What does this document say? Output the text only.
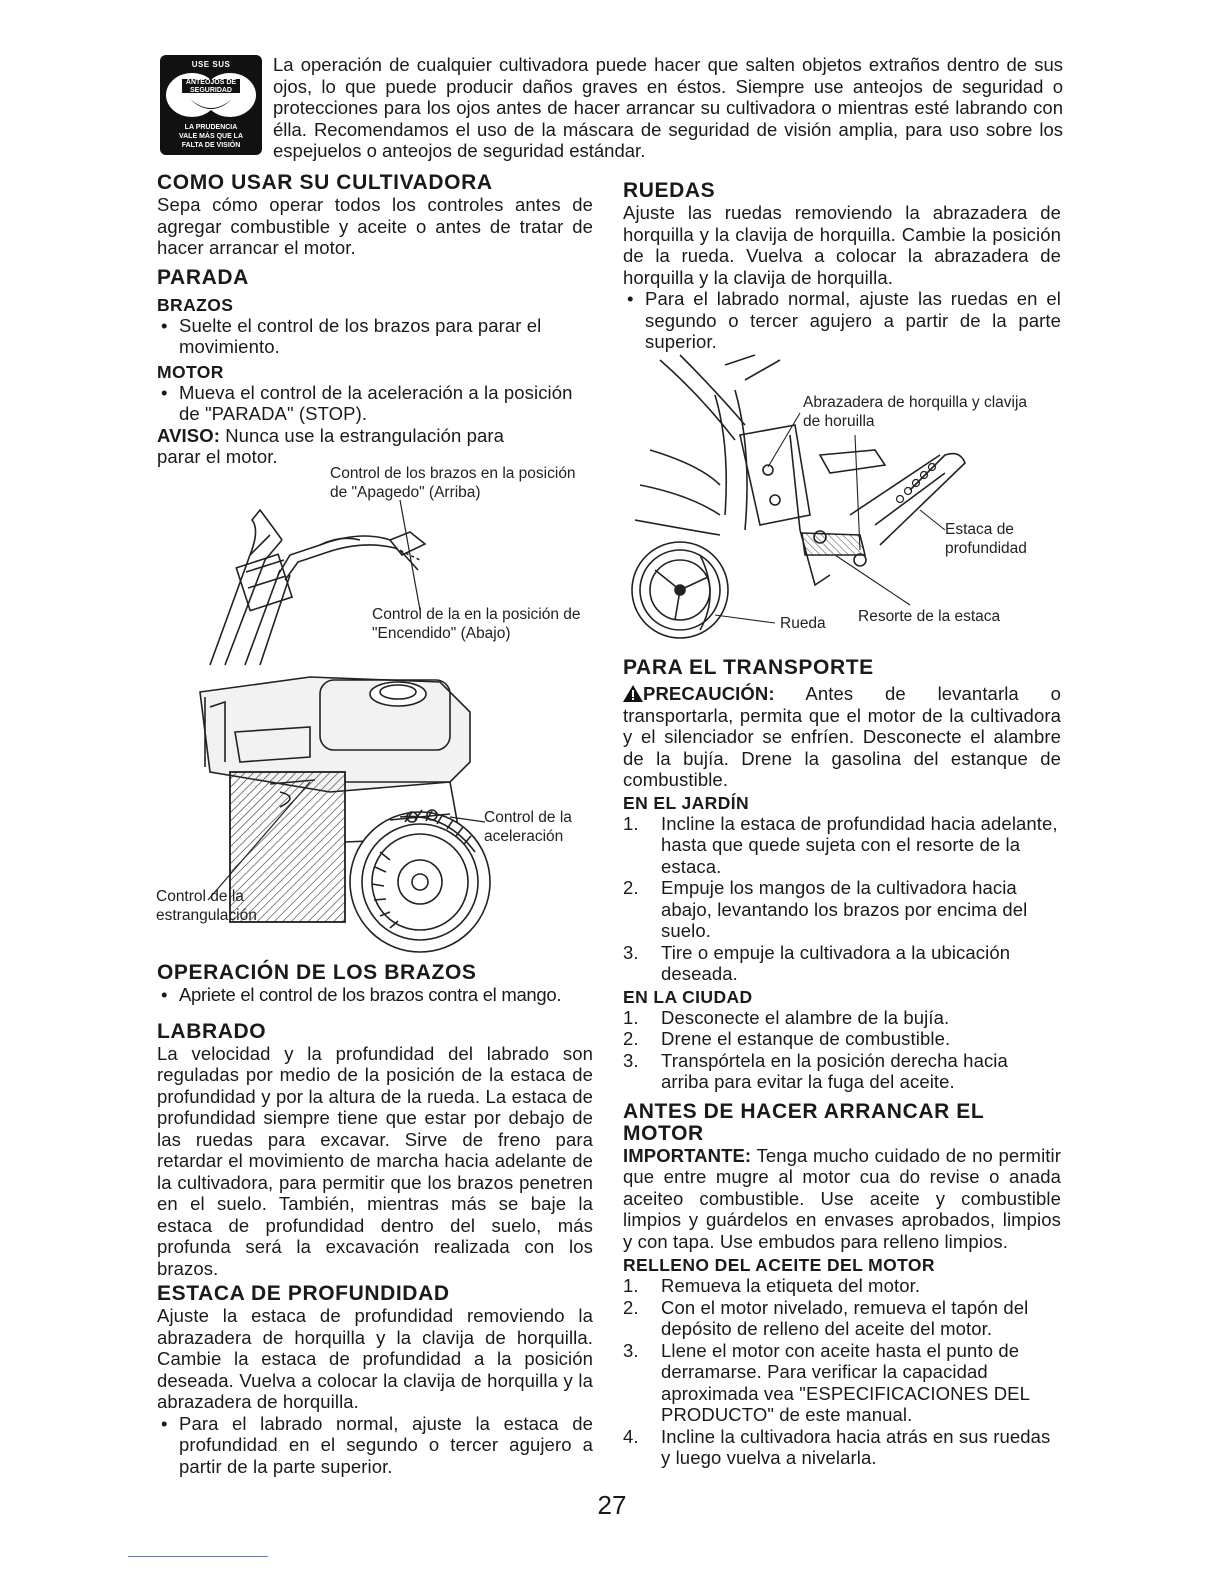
USE SUS
ANTEOJOS DE
SEGURIDAD
LA PRUDENCIA
VALE MÁS QUE LA
FALTA DE VISIÓN
La operación de cualquier cultivadora puede hacer que salten objetos extraños dentro de sus ojos, lo que puede producir daños graves en éstos. Siempre use anteojos de seguridad o protecciones para los ojos antes de hacer arrancar su cultivadora o mientras esté labrando con élla. Recomendamos el uso de la máscara de seguridad de visión amplia, para uso sobre los espejuelos o anteojos de seguridad estándar.
COMO USAR SU CULTIVADORA

Sepa cómo operar todos los controles antes de agregar combustible y aceite o antes de tratar de hacer arrancar el motor.

PARADA
BRAZOS

• Suelte el control de los brazos para parar el movimiento.

MOTOR

• Mueva el control de la aceleración a la posición de "PARADA" (STOP).

AVISO: Nunca use la estrangulación para parar el motor.

Control de los brazos en la posición de "Apagedo" (Arriba)
Control de la en la posición de "Encendido" (Abajo)
Control de la aceleración
Control de la estrangulación
OPERACIÓN DE LOS BRAZOS

• Apriete el control de los brazos contra el mango.

LABRADO

La velocidad y la profundidad del labrado son reguladas por medio de la posición de la estaca de profundidad y por la altura de la rueda. La estaca de profundidad siempre tiene que estar por debajo de las ruedas para excavar. Sirve de freno para retardar el movimiento de marcha hacia adelante de la cultivadora, para permitir que los brazos penetren en el suelo. También, mientras más se baje la estaca de profundidad dentro del suelo, más profunda será la excavación realizada con los brazos.

ESTACA DE PROFUNDIDAD

Ajuste la estaca de profundidad removiendo la abrazadera de horquilla y la clavija de horquilla. Cambie la estaca de profundidad a la posición deseada. Vuelva a colocar la clavija de horquilla y la abrazadera de horquilla.

• Para el labrado normal, ajuste la estaca de profundidad en el segundo o tercer agujero a partir de la parte superior.

RUEDAS

Ajuste las ruedas removiendo la abrazadera de horquilla y la clavija de horquilla. Cambie la posición de la rueda. Vuelva a colocar la abrazadera de horquilla y la clavija de horquilla.

• Para el labrado normal, ajuste las ruedas en el segundo o tercer agujero a partir de la parte superior.

Abrazadera de horquilla y clavija de horuilla
Estaca de profundidad
Rueda	Resorte de la estaca
PARA EL TRANSPORTE

PRECAUCIÓN: Antes de levantarla o transportarla, permita que el motor de la cultivadora y el silenciador se enfríen. Desconecte el alambre de la bujía. Drene la gasolina del estanque de combustible.

EN EL JARDÍN

1.	Incline la estaca de profundidad hacia adelante, hasta que quede sujeta con el resorte de la estaca.

2.	Empuje los mangos de la cultivadora hacia abajo, levantando los brazos por encima del suelo.

3.	Tire o empuje la cultivadora a la ubicación deseada.

EN LA CIUDAD

1.	Desconecte el alambre de la bujía.

2.	Drene el estanque de combustible.

3.	Transpórtela en la posición derecha hacia arriba para evitar la fuga del aceite.

ANTES DE HACER ARRANCAR EL MOTOR

IMPORTANTE: Tenga mucho cuidado de no permitir que entre mugre al motor cua do revise o anada aceiteo combustible. Use aceite y combustible limpios y guárdelos en envases aprobados, limpios y con tapa. Use embudos para relleno limpios.

RELLENO DEL ACEITE DEL MOTOR

1.	Remueva la etiqueta del motor.

2.	Con el motor nivelado, remueva el tapón del depósito de relleno del aceite del motor.

3.	Llene el motor con aceite hasta el punto de derramarse. Para verificar la capacidad aproximada vea "ESPECIFICACIONES DEL PRODUCTO" de este manual.

4.	Incline la cultivadora hacia atrás en sus ruedas y luego vuelva a nivelarla.

27
